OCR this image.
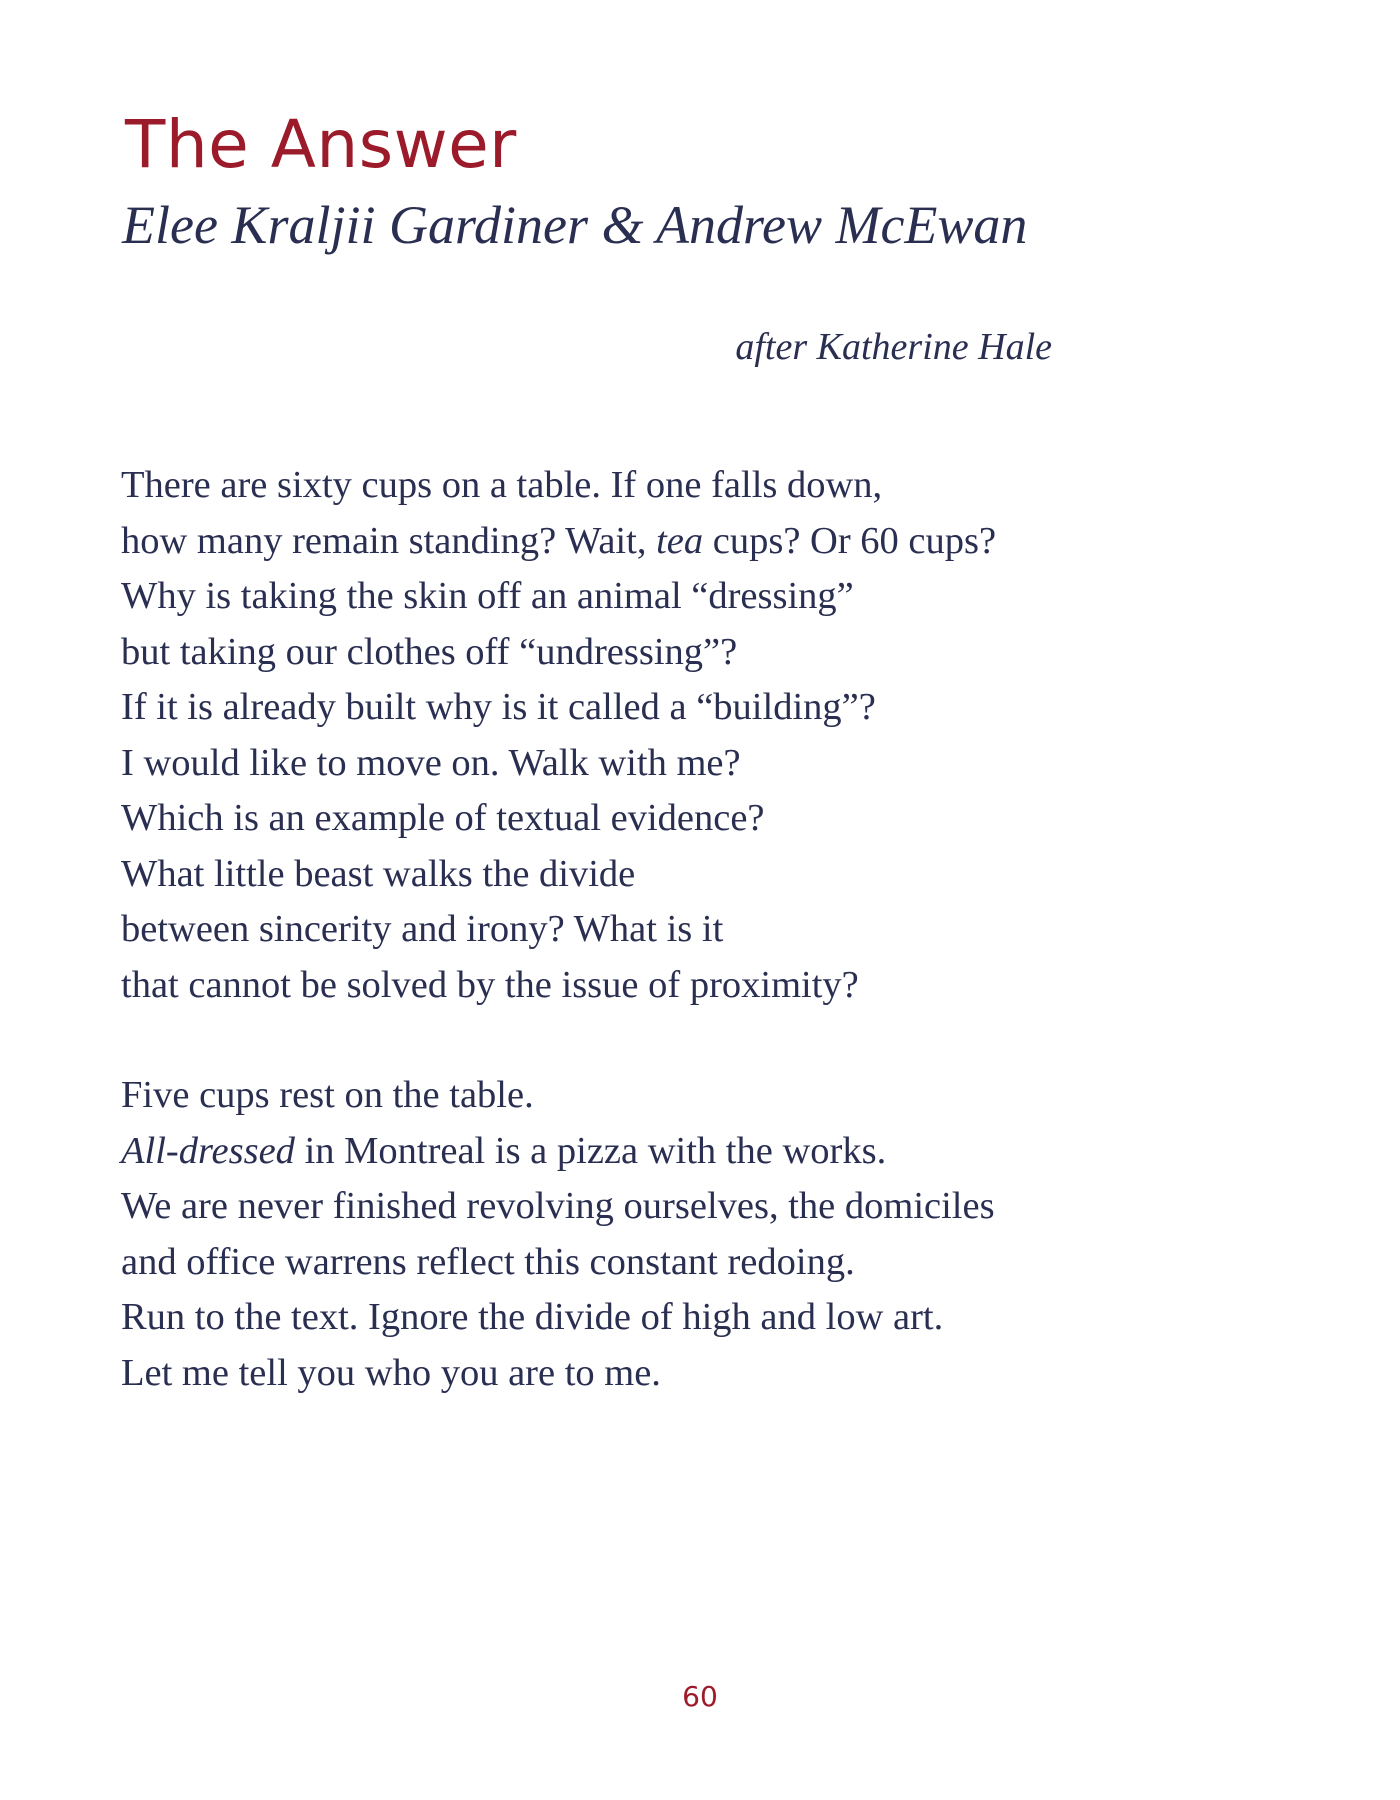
The Answer

Elee Kraljii Gardiner & Andrew McEwan

after Katherine Hale

There are sixty cups on a table. If one falls down,
how many remain standing? Wait, tea cups? Or 60 cups?
Why is taking the skin off an animal “dressing”
but taking our clothes off “undressing”?
If it is already built why is it called a “building”?
I would like to move on. Walk with me?
Which is an example of textual evidence?
What little beast walks the divide
between sincerity and irony? What is it
that cannot be solved by the issue of proximity?
Five cups rest on the table.
All-dressed in Montreal is a pizza with the works.
We are never finished revolving ourselves, the domiciles
and office warrens reflect this constant redoing.
Run to the text. Ignore the divide of high and low art.
Let me tell you who you are to me.
60
